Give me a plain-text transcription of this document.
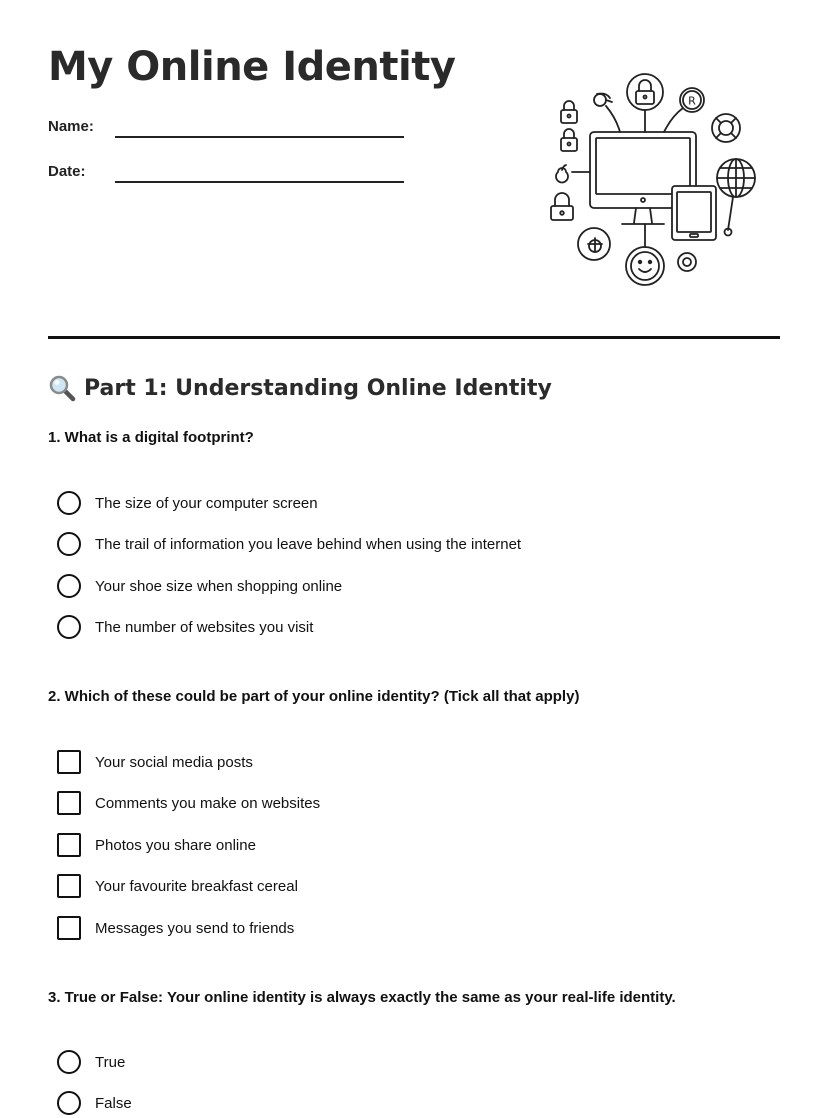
My Online Identity
Name:
Date:
R
Part 1: Understanding Online Identity

1. What is a digital footprint?

The size of your computer screen
The trail of information you leave behind when using the internet
Your shoe size when shopping online
The number of websites you visit

2. Which of these could be part of your online identity? (Tick all that apply)

Your social media posts
Comments you make on websites
Photos you share online
Your favourite breakfast cereal
Messages you send to friends

3. True or False: Your online identity is always exactly the same as your real-life identity.

True
False
